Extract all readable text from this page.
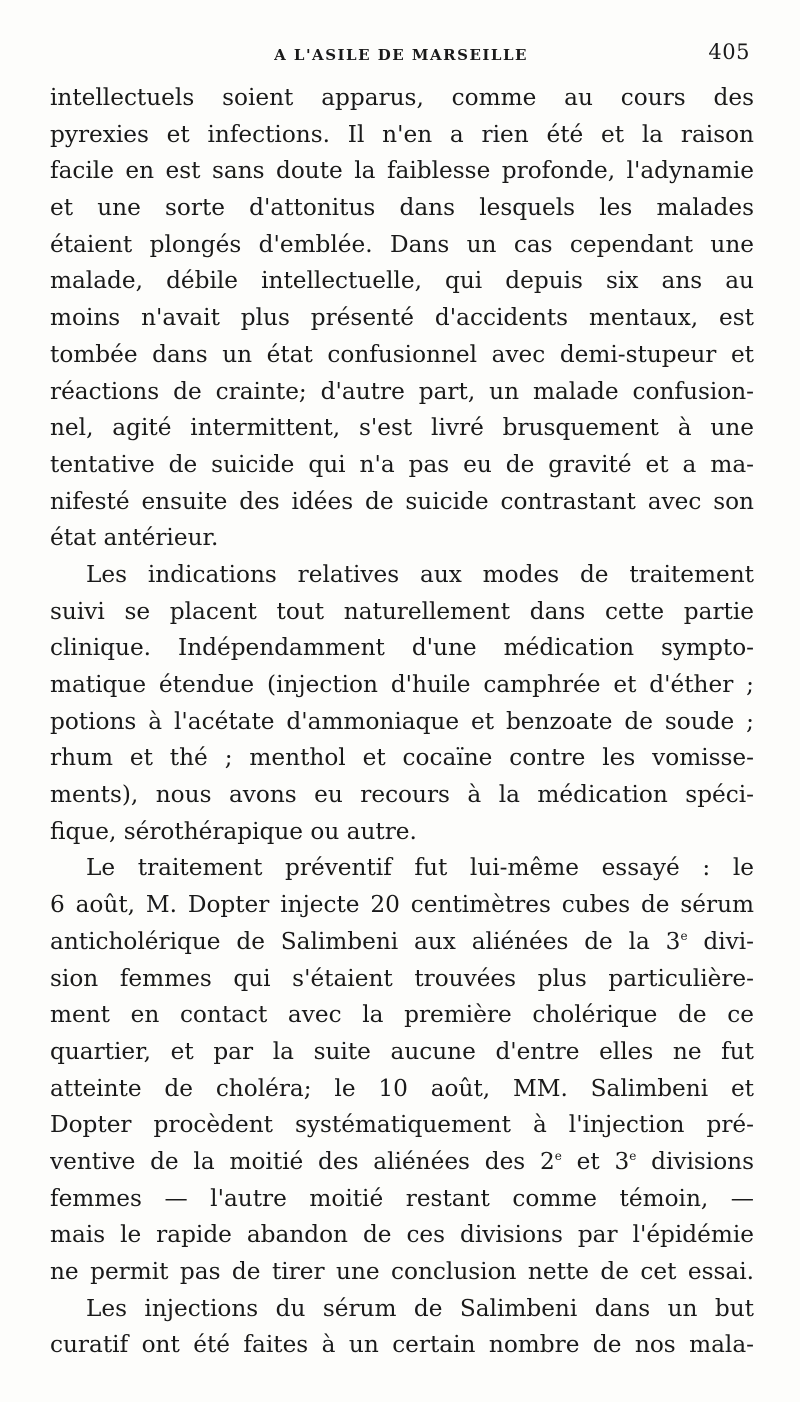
A L'ASILE DE MARSEILLE	405
intellectuels soient apparus, comme au cours des
pyrexies et infections. Il n'en a rien été et la raison
facile en est sans doute la faiblesse profonde, l'adynamie
et une sorte d'attonitus dans lesquels les malades
étaient plongés d'emblée. Dans un cas cependant une
malade, débile intellectuelle, qui depuis six ans au
moins n'avait plus présenté d'accidents mentaux, est
tombée dans un état confusionnel avec demi-stupeur et
réactions de crainte; d'autre part, un malade confusion-
nel, agité intermittent, s'est livré brusquement à une
tentative de suicide qui n'a pas eu de gravité et a ma-
nifesté ensuite des idées de suicide contrastant avec son
état antérieur.
Les indications relatives aux modes de traitement
suivi se placent tout naturellement dans cette partie
clinique. Indépendamment d'une médication sympto-
matique étendue (injection d'huile camphrée et d'éther ;
potions à l'acétate d'ammoniaque et benzoate de soude ;
rhum et thé ; menthol et cocaïne contre les vomisse-
ments), nous avons eu recours à la médication spéci-
fique, sérothérapique ou autre.
Le traitement préventif fut lui-même essayé : le
6 août, M. Dopter injecte 20 centimètres cubes de sérum
anticholérique de Salimbeni aux aliénées de la 3e divi-
sion femmes qui s'étaient trouvées plus particulière-
ment en contact avec la première cholérique de ce
quartier, et par la suite aucune d'entre elles ne fut
atteinte de choléra; le 10 août, MM. Salimbeni et
Dopter procèdent systématiquement à l'injection pré-
ventive de la moitié des aliénées des 2e et 3e divisions
femmes — l'autre moitié restant comme témoin, —
mais le rapide abandon de ces divisions par l'épidémie
ne permit pas de tirer une conclusion nette de cet essai.
Les injections du sérum de Salimbeni dans un but
curatif ont été faites à un certain nombre de nos mala-
